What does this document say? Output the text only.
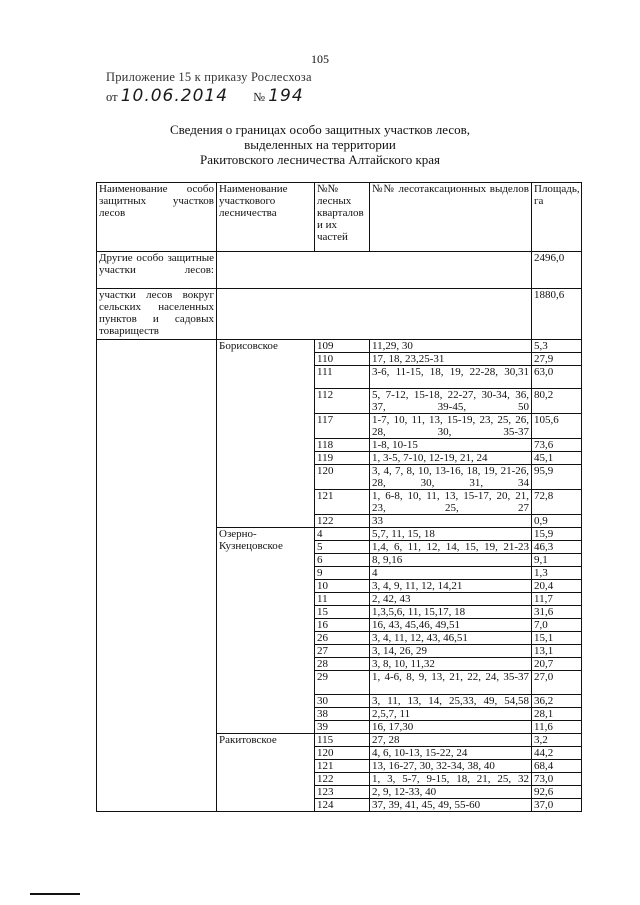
105
Приложение 15 к приказу Рослесхоза
от 10.06.2014 № 194
Сведения о границах особо защитных участков лесов,
выделенных на территории
Ракитовского лесничества Алтайского края
Наименование особо защитных участков лесов	Наименование участкового лесничества	№№ лесных кварталов и их частей	№№ лесотаксационных выделов	Площадь, га
Другие особо защитные участки лесов:				2496,0
участки лесов вокруг сельских населенных пунктов и садовых товариществ				1880,6
	Борисовское	109	11,29, 30	5,3
		110	17, 18, 23,25-31	27,9
		111	3-6, 11-15, 18, 19, 22-28, 30,31	63,0
		112	5, 7-12, 15-18, 22-27, 30-34, 36, 37, 39-45, 50	80,2
		117	1-7, 10, 11, 13, 15-19, 23, 25, 26, 28, 30, 35-37	105,6
		118	1-8, 10-15	73,6
		119	1, 3-5, 7-10, 12-19, 21, 24	45,1
		120	3, 4, 7, 8, 10, 13-16, 18, 19, 21-26, 28, 30, 31, 34	95,9
		121	1, 6-8, 10, 11, 13, 15-17, 20, 21, 23, 25, 27	72,8
		122	33	0,9
	Озерно-Кузнецовское	4	5,7, 11, 15, 18	15,9
		5	1,4, 6, 11, 12, 14, 15, 19, 21-23	46,3
		6	8, 9,16	9,1
		9	4	1,3
		10	3, 4, 9, 11, 12, 14,21	20,4
		11	2, 42, 43	11,7
		15	1,3,5,6, 11, 15,17, 18	31,6
		16	16, 43, 45,46, 49,51	7,0
		26	3, 4, 11, 12, 43, 46,51	15,1
		27	3, 14, 26, 29	13,1
		28	3, 8, 10, 11,32	20,7
		29	1, 4-6, 8, 9, 13, 21, 22, 24, 35-37	27,0
		30	3, 11, 13, 14, 25,33, 49, 54,58	36,2
		38	2,5,7, 11	28,1
		39	16, 17,30	11,6
	Ракитовское	115	27, 28	3,2
		120	4, 6, 10-13, 15-22, 24	44,2
		121	13, 16-27, 30, 32-34, 38, 40	68,4
		122	1, 3, 5-7, 9-15, 18, 21, 25, 32	73,0
		123	2, 9, 12-33, 40	92,6
		124	37, 39, 41, 45, 49, 55-60	37,0
